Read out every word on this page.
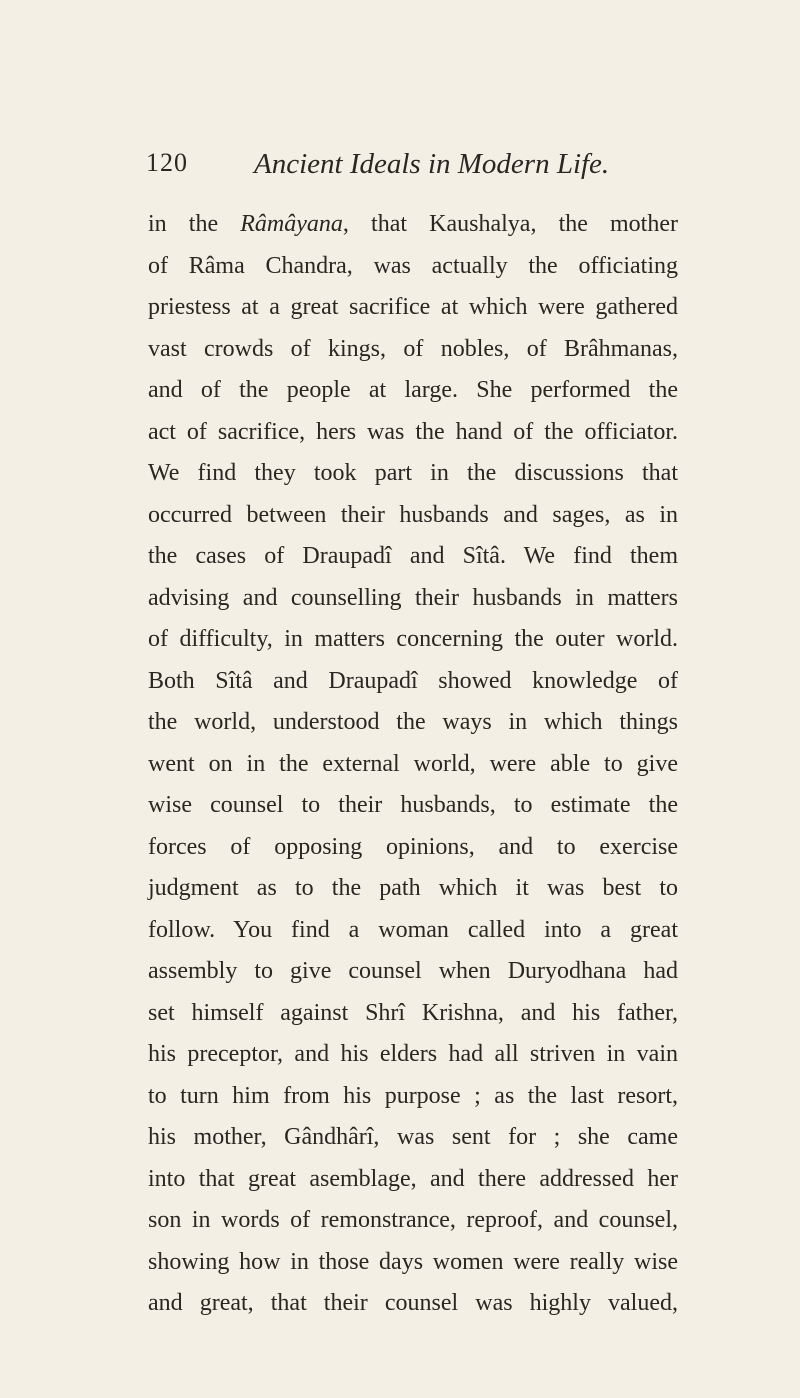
120 Ancient Ideals in Modern Life.
in the Râmâyana, that Kaushalya, the mother
of Râma Chandra, was actually the officiating
priestess at a great sacrifice at which were gathered
vast crowds of kings, of nobles, of Brâhmanas,
and of the people at large. She performed the
act of sacrifice, hers was the hand of the officiator.
We find they took part in the discussions that
occurred between their husbands and sages, as in
the cases of Draupadî and Sîtâ. We find them
advising and counselling their husbands in matters
of difficulty, in matters concerning the outer world.
Both Sîtâ and Draupadî showed knowledge of
the world, understood the ways in which things
went on in the external world, were able to give
wise counsel to their husbands, to estimate the
forces of opposing opinions, and to exercise
judgment as to the path which it was best to
follow. You find a woman called into a great
assembly to give counsel when Duryodhana had
set himself against Shrî Krishna, and his father,
his preceptor, and his elders had all striven in vain
to turn him from his purpose ; as the last resort,
his mother, Gândhârî, was sent for ; she came
into that great asemblage, and there addressed her
son in words of remonstrance, reproof, and counsel,
showing how in those days women were really wise
and great, that their counsel was highly valued,
